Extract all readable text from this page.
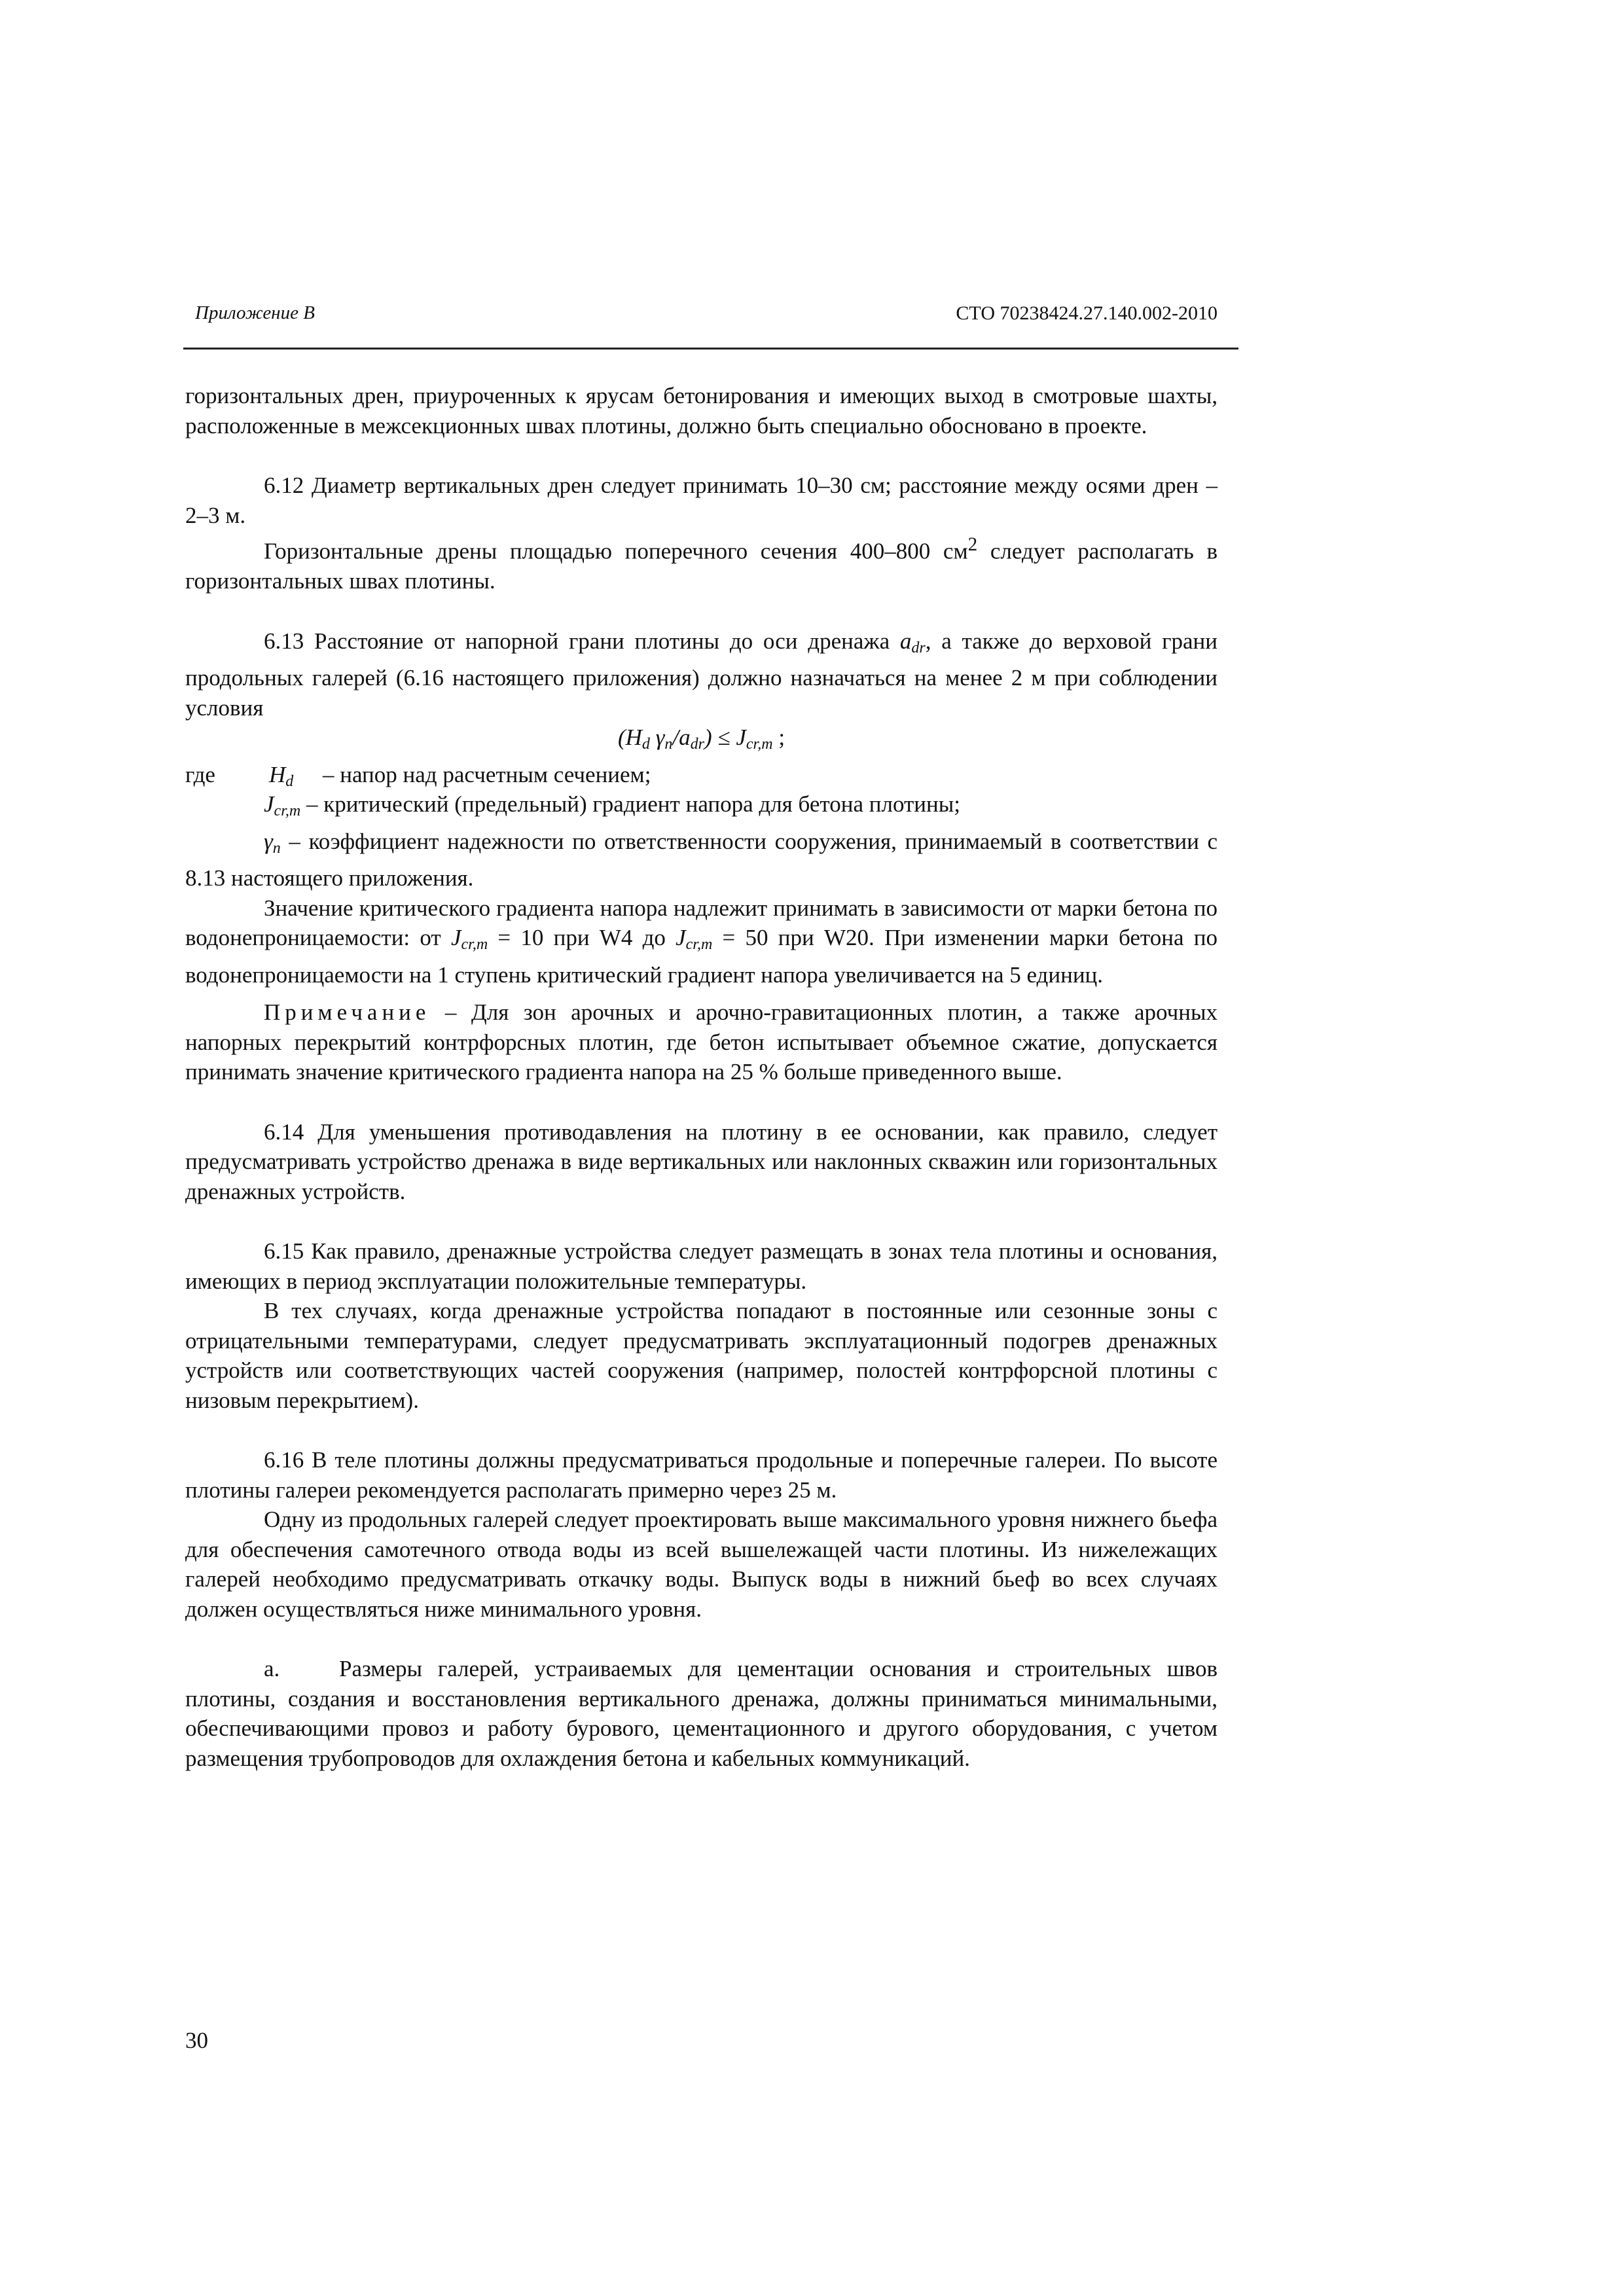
Приложение В	СТО 70238424.27.140.002-2010

горизонтальных дрен, приуроченных к ярусам бетонирования и имеющих выход в смотровые шахты, расположенные в межсекционных швах плотины, должно быть специально обосновано в проекте.

6.12 Диаметр вертикальных дрен следует принимать 10–30 см; расстояние между осями дрен – 2–3 м.

Горизонтальные дрены площадью поперечного сечения 400–800 $см^2$ следует располагать в горизонтальных швах плотины.

6.13 Расстояние от напорной грани плотины до оси дренажа $a_{dr}$, а также до верховой грани продольных галерей (6.16 настоящего приложения) должно назначаться на менее 2 м при соблюдении условия

($H_d$ $\gamma_n/a_{dr}) \le J_{cr,m}$ ;

где $H_d$ – напор над расчетным сечением;

$J_{cr,m}$ – критический (предельный) градиент напора для бетона плотины;

$\gamma_n$ – коэффициент надежности по ответственности сооружения, принимаемый в соответствии с 8.13 настоящего приложения.

Значение критического градиента напора надлежит принимать в зависимости от марки бетона по водонепроницаемости: от $J_{cr,m} = 10$ при W4 до $J_{cr,m} = 50$ при W20. При изменении марки бетона по водонепроницаемости на 1 ступень критический градиент напора увеличивается на 5 единиц.

Примечание – Для зон арочных и арочно-гравитационных плотин, а также арочных напорных перекрытий контрфорсных плотин, где бетон испытывает объемное сжатие, допускается принимать значение критического градиента напора на 25 % больше приведенного выше.

6.14 Для уменьшения противодавления на плотину в ее основании, как правило, следует предусматривать устройство дренажа в виде вертикальных или наклонных скважин или горизонтальных дренажных устройств.

6.15 Как правило, дренажные устройства следует размещать в зонах тела плотины и основания, имеющих в период эксплуатации положительные температуры.

В тех случаях, когда дренажные устройства попадают в постоянные или сезонные зоны с отрицательными температурами, следует предусматривать эксплуатационный подогрев дренажных устройств или соответствующих частей сооружения (например, полостей контрфорсной плотины с низовым перекрытием).

6.16 В теле плотины должны предусматриваться продольные и поперечные галереи. По высоте плотины галереи рекомендуется располагать примерно через 25 м.

Одну из продольных галерей следует проектировать выше максимального уровня нижнего бьефа для обеспечения самотечного отвода воды из всей вышележащей части плотины. Из нижележащих галерей необходимо предусматривать откачку воды. Выпуск воды в нижний бьеф во всех случаях должен осуществляться ниже минимального уровня.

а.	Размеры галерей, устраиваемых для цементации основания и строительных швов плотины, создания и восстановления вертикального дренажа, должны приниматься минимальными, обеспечивающими провоз и работу бурового, цементационного и другого оборудования, с учетом размещения трубопроводов для охлаждения бетона и кабельных коммуникаций.

30
